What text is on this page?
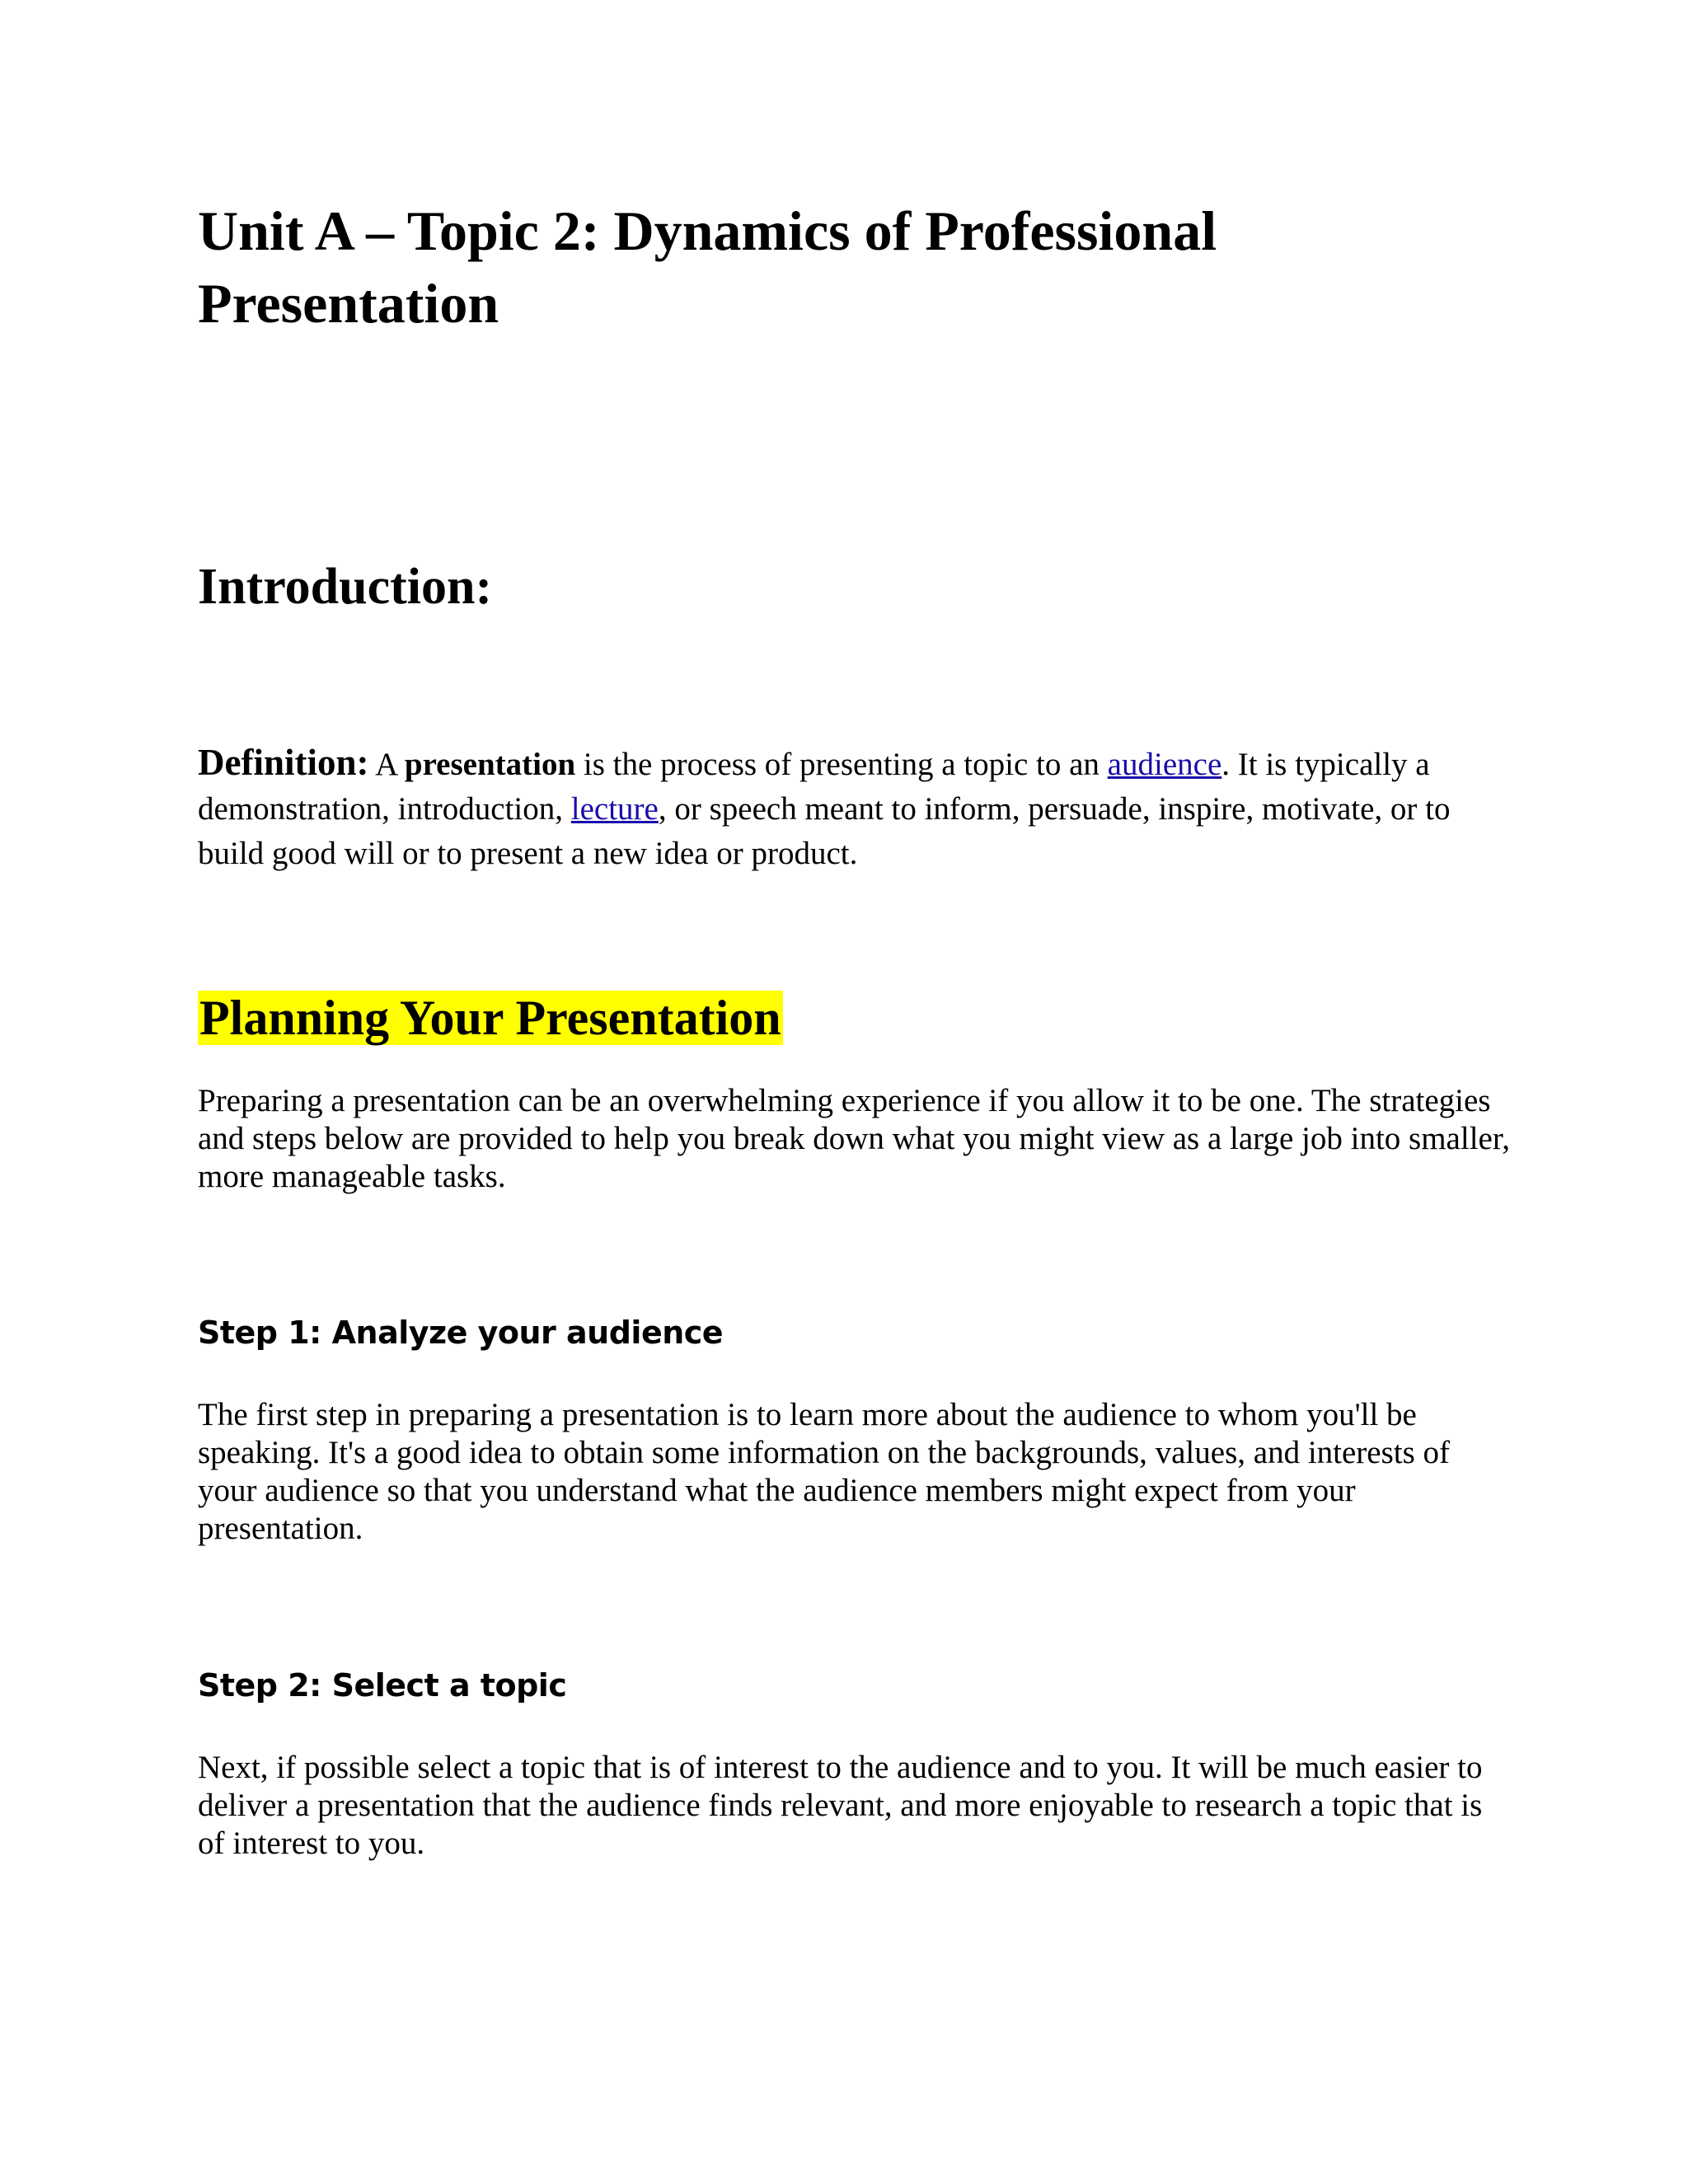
Unit A – Topic 2: Dynamics of Professional Presentation
Introduction:

Definition: A presentation is the process of presenting a topic to an audience. It is typically a demonstration, introduction, lecture, or speech meant to inform, persuade, inspire, motivate, or to build good will or to present a new idea or product.

Planning Your Presentation

Preparing a presentation can be an overwhelming experience if you allow it to be one. The strategies and steps below are provided to help you break down what you might view as a large job into smaller, more manageable tasks.

Step 1: Analyze your audience

The first step in preparing a presentation is to learn more about the audience to whom you'll be speaking. It's a good idea to obtain some information on the backgrounds, values, and interests of your audience so that you understand what the audience members might expect from your presentation.

Step 2: Select a topic

Next, if possible select a topic that is of interest to the audience and to you. It will be much easier to deliver a presentation that the audience finds relevant, and more enjoyable to research a topic that is of interest to you.
